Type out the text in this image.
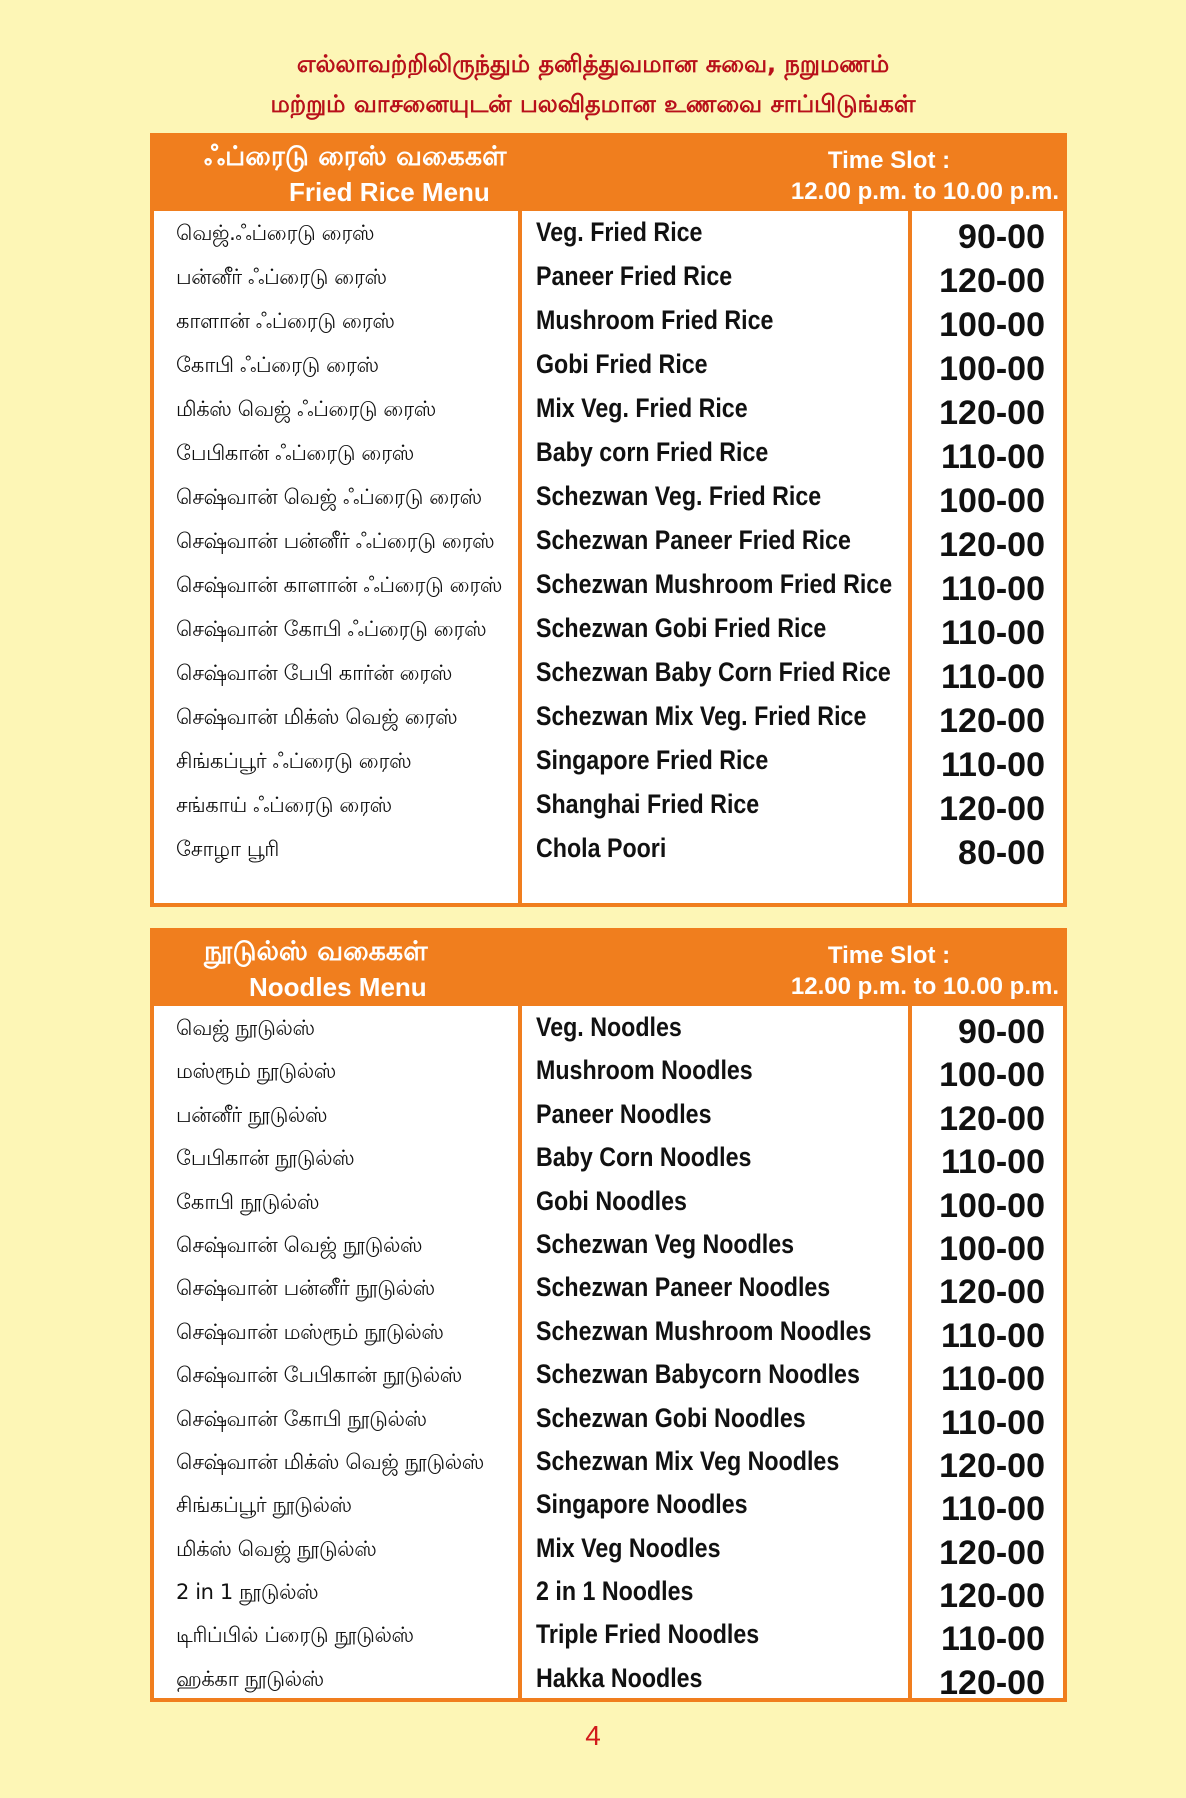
எல்லாவற்றிலிருந்தும் தனித்துவமான சுவை, நறுமணம்
மற்றும் வாசனையுடன் பலவிதமான உணவை சாப்பிடுங்கள்
ஃப்ரைடு ரைஸ் வகைகள்
Fried Rice Menu
Time Slot :
12.00 p.m. to 10.00 p.m.
வெஜ்.ஃப்ரைடு ரைஸ்	Veg. Fried Rice	90-00
பன்னீர் ஃப்ரைடு ரைஸ்	Paneer Fried Rice	120-00
காளான் ஃப்ரைடு ரைஸ்	Mushroom Fried Rice	100-00
கோபி ஃப்ரைடு ரைஸ்	Gobi Fried Rice	100-00
மிக்ஸ் வெஜ் ஃப்ரைடு ரைஸ்	Mix Veg. Fried Rice	120-00
பேபிகான் ஃப்ரைடு ரைஸ்	Baby corn Fried Rice	110-00
செஷ்வான் வெஜ் ஃப்ரைடு ரைஸ் Schezwan Veg. Fried Rice	100-00
செஷ்வான் பன்னீர் ஃப்ரைடு ரைஸ் Schezwan Paneer Fried Rice	120-00
செஷ்வான் காளான் ஃப்ரைடு ரைஸ் Schezwan Mushroom Fried Rice 110-00
செஷ்வான் கோபி ஃப்ரைடு ரைஸ் Schezwan Gobi Fried Rice	110-00
செஷ்வான் பேபி கார்ன் ரைஸ்	Schezwan Baby Corn Fried Rice 110-00
செஷ்வான் மிக்ஸ் வெஜ் ரைஸ்	Schezwan Mix Veg. Fried Rice 120-00
சிங்கப்பூர் ஃப்ரைடு ரைஸ்	Singapore Fried Rice	110-00
சங்காய் ஃப்ரைடு ரைஸ்	Shanghai Fried Rice	120-00
சோழா பூரி	Chola Poori	80-00
நூடுல்ஸ் வகைகள்
Noodles Menu
Time Slot :
12.00 p.m. to 10.00 p.m.
வெஜ் நூடுல்ஸ்	Veg. Noodles	90-00
மஸ்ரூம் நூடுல்ஸ்	Mushroom Noodles	100-00
பன்னீர் நூடுல்ஸ்	Paneer Noodles	120-00
பேபிகான் நூடுல்ஸ்	Baby Corn Noodles	110-00
கோபி நூடுல்ஸ்	Gobi Noodles	100-00
செஷ்வான் வெஜ் நூடுல்ஸ்	Schezwan Veg Noodles	100-00
செஷ்வான் பன்னீர் நூடுல்ஸ்	Schezwan Paneer Noodles	120-00
செஷ்வான் மஸ்ரூம் நூடுல்ஸ்	Schezwan Mushroom Noodles 110-00
செஷ்வான் பேபிகான் நூடுல்ஸ்	Schezwan Babycorn Noodles 110-00
செஷ்வான் கோபி நூடுல்ஸ்	Schezwan Gobi Noodles	110-00
செஷ்வான் மிக்ஸ் வெஜ் நூடுல்ஸ் Schezwan Mix Veg Noodles	120-00
சிங்கப்பூர் நூடுல்ஸ்	Singapore Noodles	110-00
மிக்ஸ் வெஜ் நூடுல்ஸ்	Mix Veg Noodles	120-00
2 in 1 நூடுல்ஸ்	2 in 1 Noodles	120-00
டிரிப்பில் ப்ரைடு நூடுல்ஸ்	Triple Fried Noodles	110-00
ஹக்கா நூடுல்ஸ்	Hakka Noodles	120-00
4
